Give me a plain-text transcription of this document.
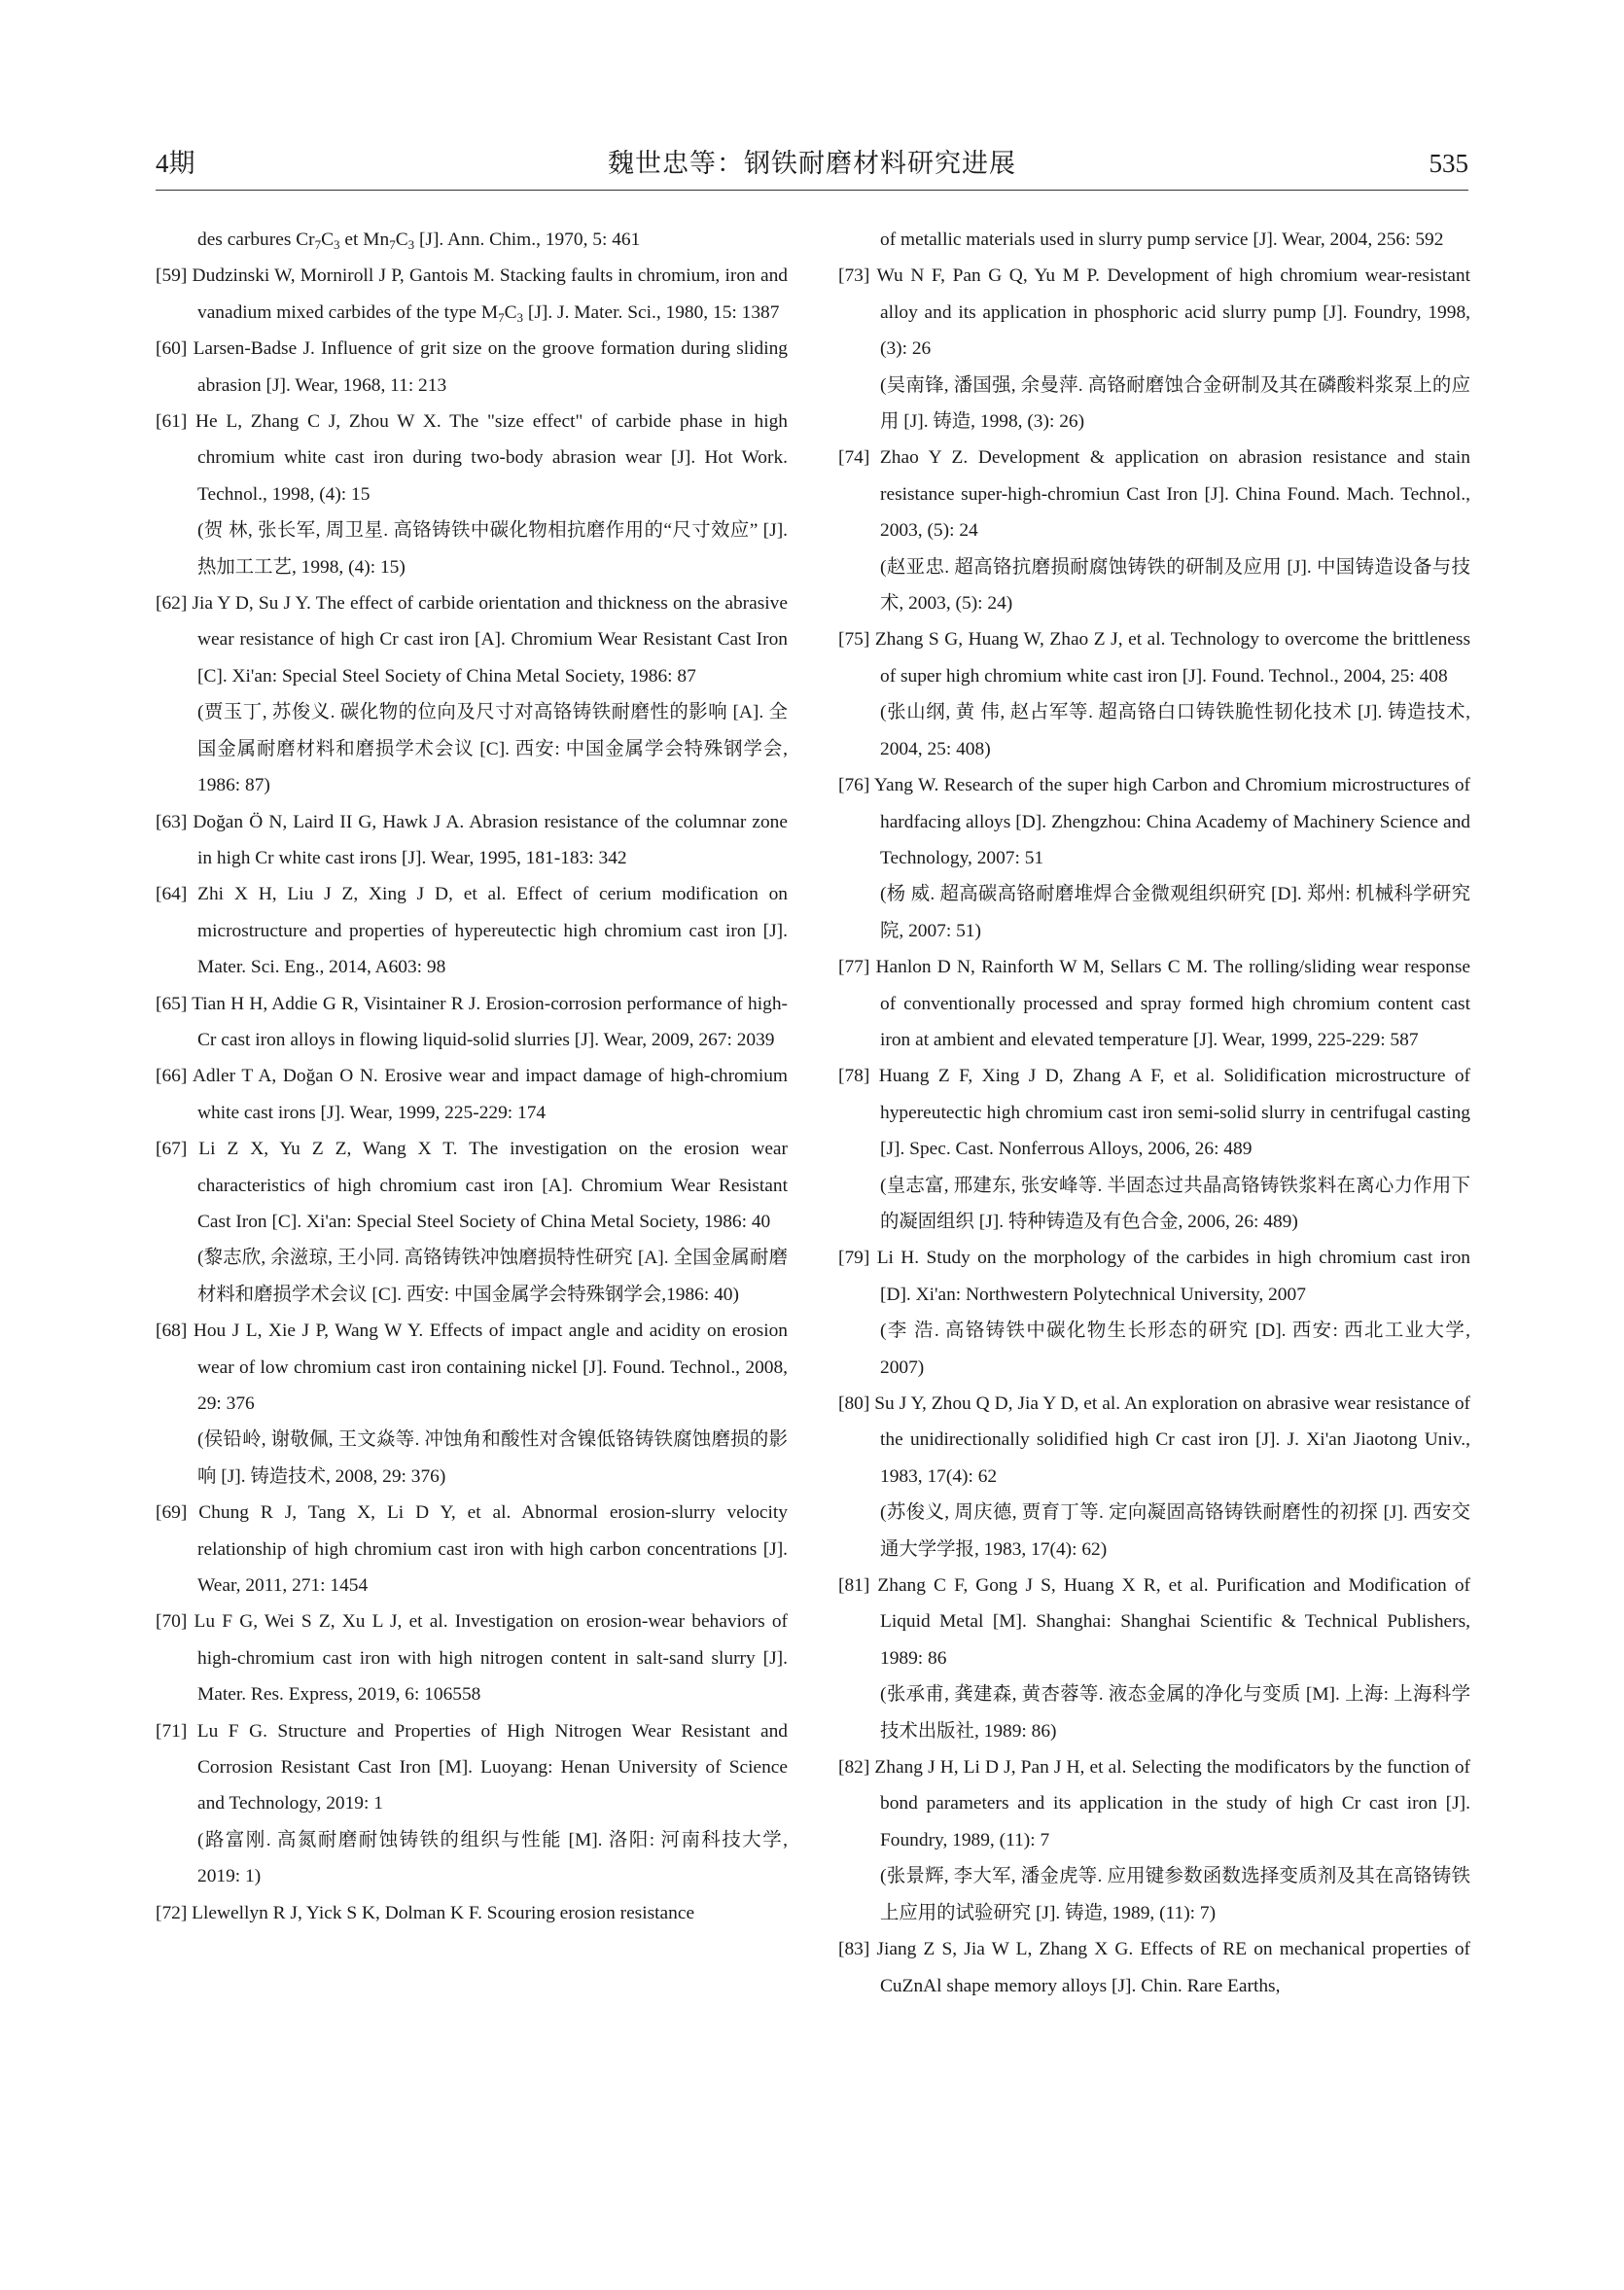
4期	魏世忠等：钢铁耐磨材料研究进展	535
des carbures $Cr_7C_3$ et $Mn_7C_3$ [J]. Ann. Chim., 1970, 5: 461
[59] Dudzinski W, Morniroll J P, Gantois M. Stacking faults in chromium, iron and vanadium mixed carbides of the type $M_7C_3$ [J]. J. Mater. Sci., 1980, 15: 1387
[60] Larsen-Badse J. Influence of grit size on the groove formation during sliding abrasion [J]. Wear, 1968, 11: 213
[61] He L, Zhang C J, Zhou W X. The "size effect" of carbide phase in high chromium white cast iron during two-body abrasion wear [J]. Hot Work. Technol., 1998, (4): 15
(贺 林, 张长军, 周卫星. 高铬铸铁中碳化物相抗磨作用的“尺寸效应” [J]. 热加工工艺, 1998, (4): 15)
[62] Jia Y D, Su J Y. The effect of carbide orientation and thickness on the abrasive wear resistance of high Cr cast iron [A]. Chromium Wear Resistant Cast Iron [C]. Xi'an: Special Steel Society of China Metal Society, 1986: 87
(贾玉丁, 苏俊义. 碳化物的位向及尺寸对高铬铸铁耐磨性的影响 [A]. 全国金属耐磨材料和磨损学术会议 [C]. 西安: 中国金属学会特殊钢学会, 1986: 87)
[63] Doğan Ö N, Laird II G, Hawk J A. Abrasion resistance of the columnar zone in high Cr white cast irons [J]. Wear, 1995, 181-183: 342
[64] Zhi X H, Liu J Z, Xing J D, et al. Effect of cerium modification on microstructure and properties of hypereutectic high chromium cast iron [J]. Mater. Sci. Eng., 2014, A603: 98
[65] Tian H H, Addie G R, Visintainer R J. Erosion-corrosion performance of high-Cr cast iron alloys in flowing liquid-solid slurries [J]. Wear, 2009, 267: 2039
[66] Adler T A, Doğan O N. Erosive wear and impact damage of high-chromium white cast irons [J]. Wear, 1999, 225-229: 174
[67] Li Z X, Yu Z Z, Wang X T. The investigation on the erosion wear characteristics of high chromium cast iron [A]. Chromium Wear Resistant Cast Iron [C]. Xi'an: Special Steel Society of China Metal Society, 1986: 40
(黎志欣, 余滋琼, 王小同. 高铬铸铁冲蚀磨损特性研究 [A]. 全国金属耐磨材料和磨损学术会议 [C]. 西安: 中国金属学会特殊钢学会,1986: 40)
[68] Hou J L, Xie J P, Wang W Y. Effects of impact angle and acidity on erosion wear of low chromium cast iron containing nickel [J]. Found. Technol., 2008, 29: 376
(侯铅岭, 谢敬佩, 王文焱等. 冲蚀角和酸性对含镍低铬铸铁腐蚀磨损的影响 [J]. 铸造技术, 2008, 29: 376)
[69] Chung R J, Tang X, Li D Y, et al. Abnormal erosion-slurry velocity relationship of high chromium cast iron with high carbon concentrations [J]. Wear, 2011, 271: 1454
[70] Lu F G, Wei S Z, Xu L J, et al. Investigation on erosion-wear behaviors of high-chromium cast iron with high nitrogen content in salt-sand slurry [J]. Mater. Res. Express, 2019, 6: 106558
[71] Lu F G. Structure and Properties of High Nitrogen Wear Resistant and Corrosion Resistant Cast Iron [M]. Luoyang: Henan University of Science and Technology, 2019: 1
(路富刚. 高氮耐磨耐蚀铸铁的组织与性能 [M]. 洛阳: 河南科技大学, 2019: 1)
[72] Llewellyn R J, Yick S K, Dolman K F. Scouring erosion resistance
of metallic materials used in slurry pump service [J]. Wear, 2004, 256: 592
[73] Wu N F, Pan G Q, Yu M P. Development of high chromium wear-resistant alloy and its application in phosphoric acid slurry pump [J]. Foundry, 1998, (3): 26
(吴南锋, 潘国强, 余曼萍. 高铬耐磨蚀合金研制及其在磷酸料浆泵上的应用 [J]. 铸造, 1998, (3): 26)
[74] Zhao Y Z. Development & application on abrasion resistance and stain resistance super-high-chromiun Cast Iron [J]. China Found. Mach. Technol., 2003, (5): 24
(赵亚忠. 超高铬抗磨损耐腐蚀铸铁的研制及应用 [J]. 中国铸造设备与技术, 2003, (5): 24)
[75] Zhang S G, Huang W, Zhao Z J, et al. Technology to overcome the brittleness of super high chromium white cast iron [J]. Found. Technol., 2004, 25: 408
(张山纲, 黄 伟, 赵占军等. 超高铬白口铸铁脆性韧化技术 [J]. 铸造技术, 2004, 25: 408)
[76] Yang W. Research of the super high Carbon and Chromium microstructures of hardfacing alloys [D]. Zhengzhou: China Academy of Machinery Science and Technology, 2007: 51
(杨 威. 超高碳高铬耐磨堆焊合金微观组织研究 [D]. 郑州: 机械科学研究院, 2007: 51)
[77] Hanlon D N, Rainforth W M, Sellars C M. The rolling/sliding wear response of conventionally processed and spray formed high chromium content cast iron at ambient and elevated temperature [J]. Wear, 1999, 225-229: 587
[78] Huang Z F, Xing J D, Zhang A F, et al. Solidification microstructure of hypereutectic high chromium cast iron semi-solid slurry in centrifugal casting [J]. Spec. Cast. Nonferrous Alloys, 2006, 26: 489
(皇志富, 邢建东, 张安峰等. 半固态过共晶高铬铸铁浆料在离心力作用下的凝固组织 [J]. 特种铸造及有色合金, 2006, 26: 489)
[79] Li H. Study on the morphology of the carbides in high chromium cast iron [D]. Xi'an: Northwestern Polytechnical University, 2007
(李 浩. 高铬铸铁中碳化物生长形态的研究 [D]. 西安: 西北工业大学, 2007)
[80] Su J Y, Zhou Q D, Jia Y D, et al. An exploration on abrasive wear resistance of the unidirectionally solidified high Cr cast iron [J]. J. Xi'an Jiaotong Univ., 1983, 17(4): 62
(苏俊义, 周庆德, 贾育丁等. 定向凝固高铬铸铁耐磨性的初探 [J]. 西安交通大学学报, 1983, 17(4): 62)
[81] Zhang C F, Gong J S, Huang X R, et al. Purification and Modification of Liquid Metal [M]. Shanghai: Shanghai Scientific & Technical Publishers, 1989: 86
(张承甫, 龚建森, 黄杏蓉等. 液态金属的净化与变质 [M]. 上海: 上海科学技术出版社, 1989: 86)
[82] Zhang J H, Li D J, Pan J H, et al. Selecting the modificators by the function of bond parameters and its application in the study of high Cr cast iron [J]. Foundry, 1989, (11): 7
(张景辉, 李大军, 潘金虎等. 应用键参数函数选择变质剂及其在高铬铸铁上应用的试验研究 [J]. 铸造, 1989, (11): 7)
[83] Jiang Z S, Jia W L, Zhang X G. Effects of RE on mechanical properties of CuZnAl shape memory alloys [J]. Chin. Rare Earths,
